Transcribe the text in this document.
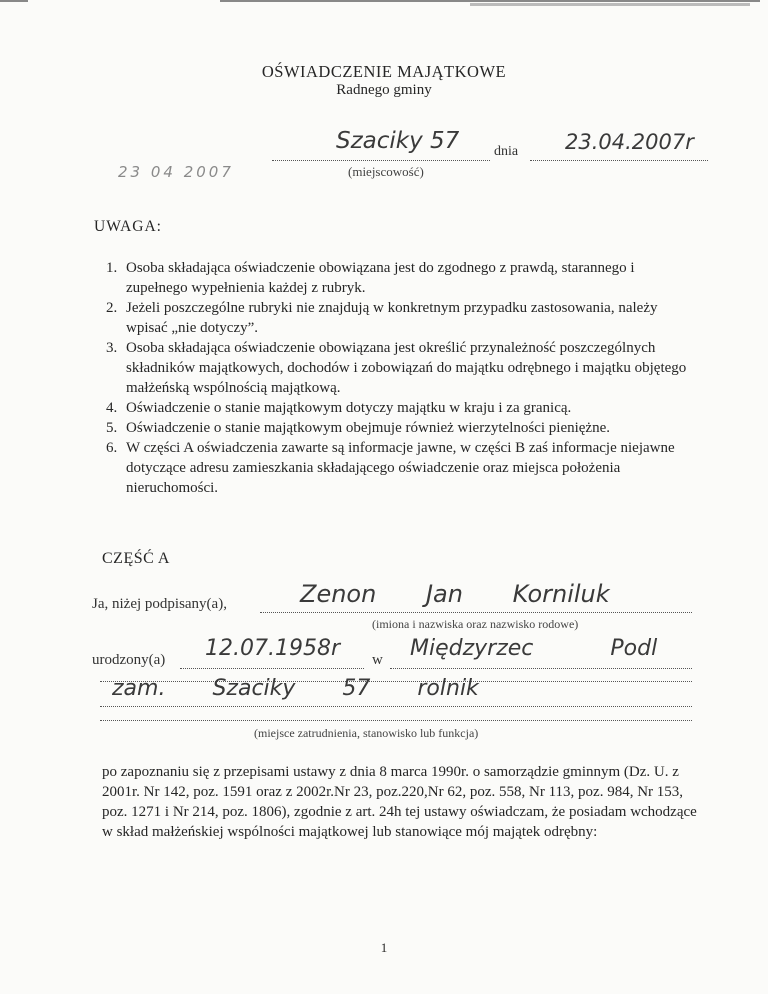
OŚWIADCZENIE MAJĄTKOWE
Radnego gminy
Szaciky 57 dnia 23.04.2007r
(miejscowość)
23 04 2007
UWAGA:
1. Osoba składająca oświadczenie obowiązana jest do zgodnego z prawdą, starannego i zupełnego wypełnienia każdej z rubryk.
2. Jeżeli poszczególne rubryki nie znajdują w konkretnym przypadku zastosowania, należy wpisać „nie dotyczy”.
3. Osoba składająca oświadczenie obowiązana jest określić przynależność poszczególnych składników majątkowych, dochodów i zobowiązań do majątku odrębnego i majątku objętego małżeńską wspólnością majątkową.
4. Oświadczenie o stanie majątkowym dotyczy majątku w kraju i za granicą.
5. Oświadczenie o stanie majątkowym obejmuje również wierzytelności pieniężne.
6. W części A oświadczenia zawarte są informacje jawne, w części B zaś informacje niejawne dotyczące adresu zamieszkania składającego oświadczenie oraz miejsca położenia nieruchomości.
CZĘŚĆ A
Ja, niżej podpisany(a),	Zenon Jan Korniluk
(imiona i nazwiska oraz nazwisko rodowe)
urodzony(a) 12.07.1958r w Międzyrzec Podl
zam. Szaciky 57 rolnik
(miejsce zatrudnienia, stanowisko lub funkcja)
po zapoznaniu się z przepisami ustawy z dnia 8 marca 1990r. o samorządzie gminnym (Dz. U. z 2001r. Nr 142, poz. 1591 oraz z 2002r.Nr 23, poz.220,Nr 62, poz. 558, Nr 113, poz. 984, Nr 153, poz. 1271 i Nr 214, poz. 1806), zgodnie z art. 24h tej ustawy oświadczam, że posiadam wchodzące w skład małżeńskiej wspólności majątkowej lub stanowiące mój majątek odrębny:
1
